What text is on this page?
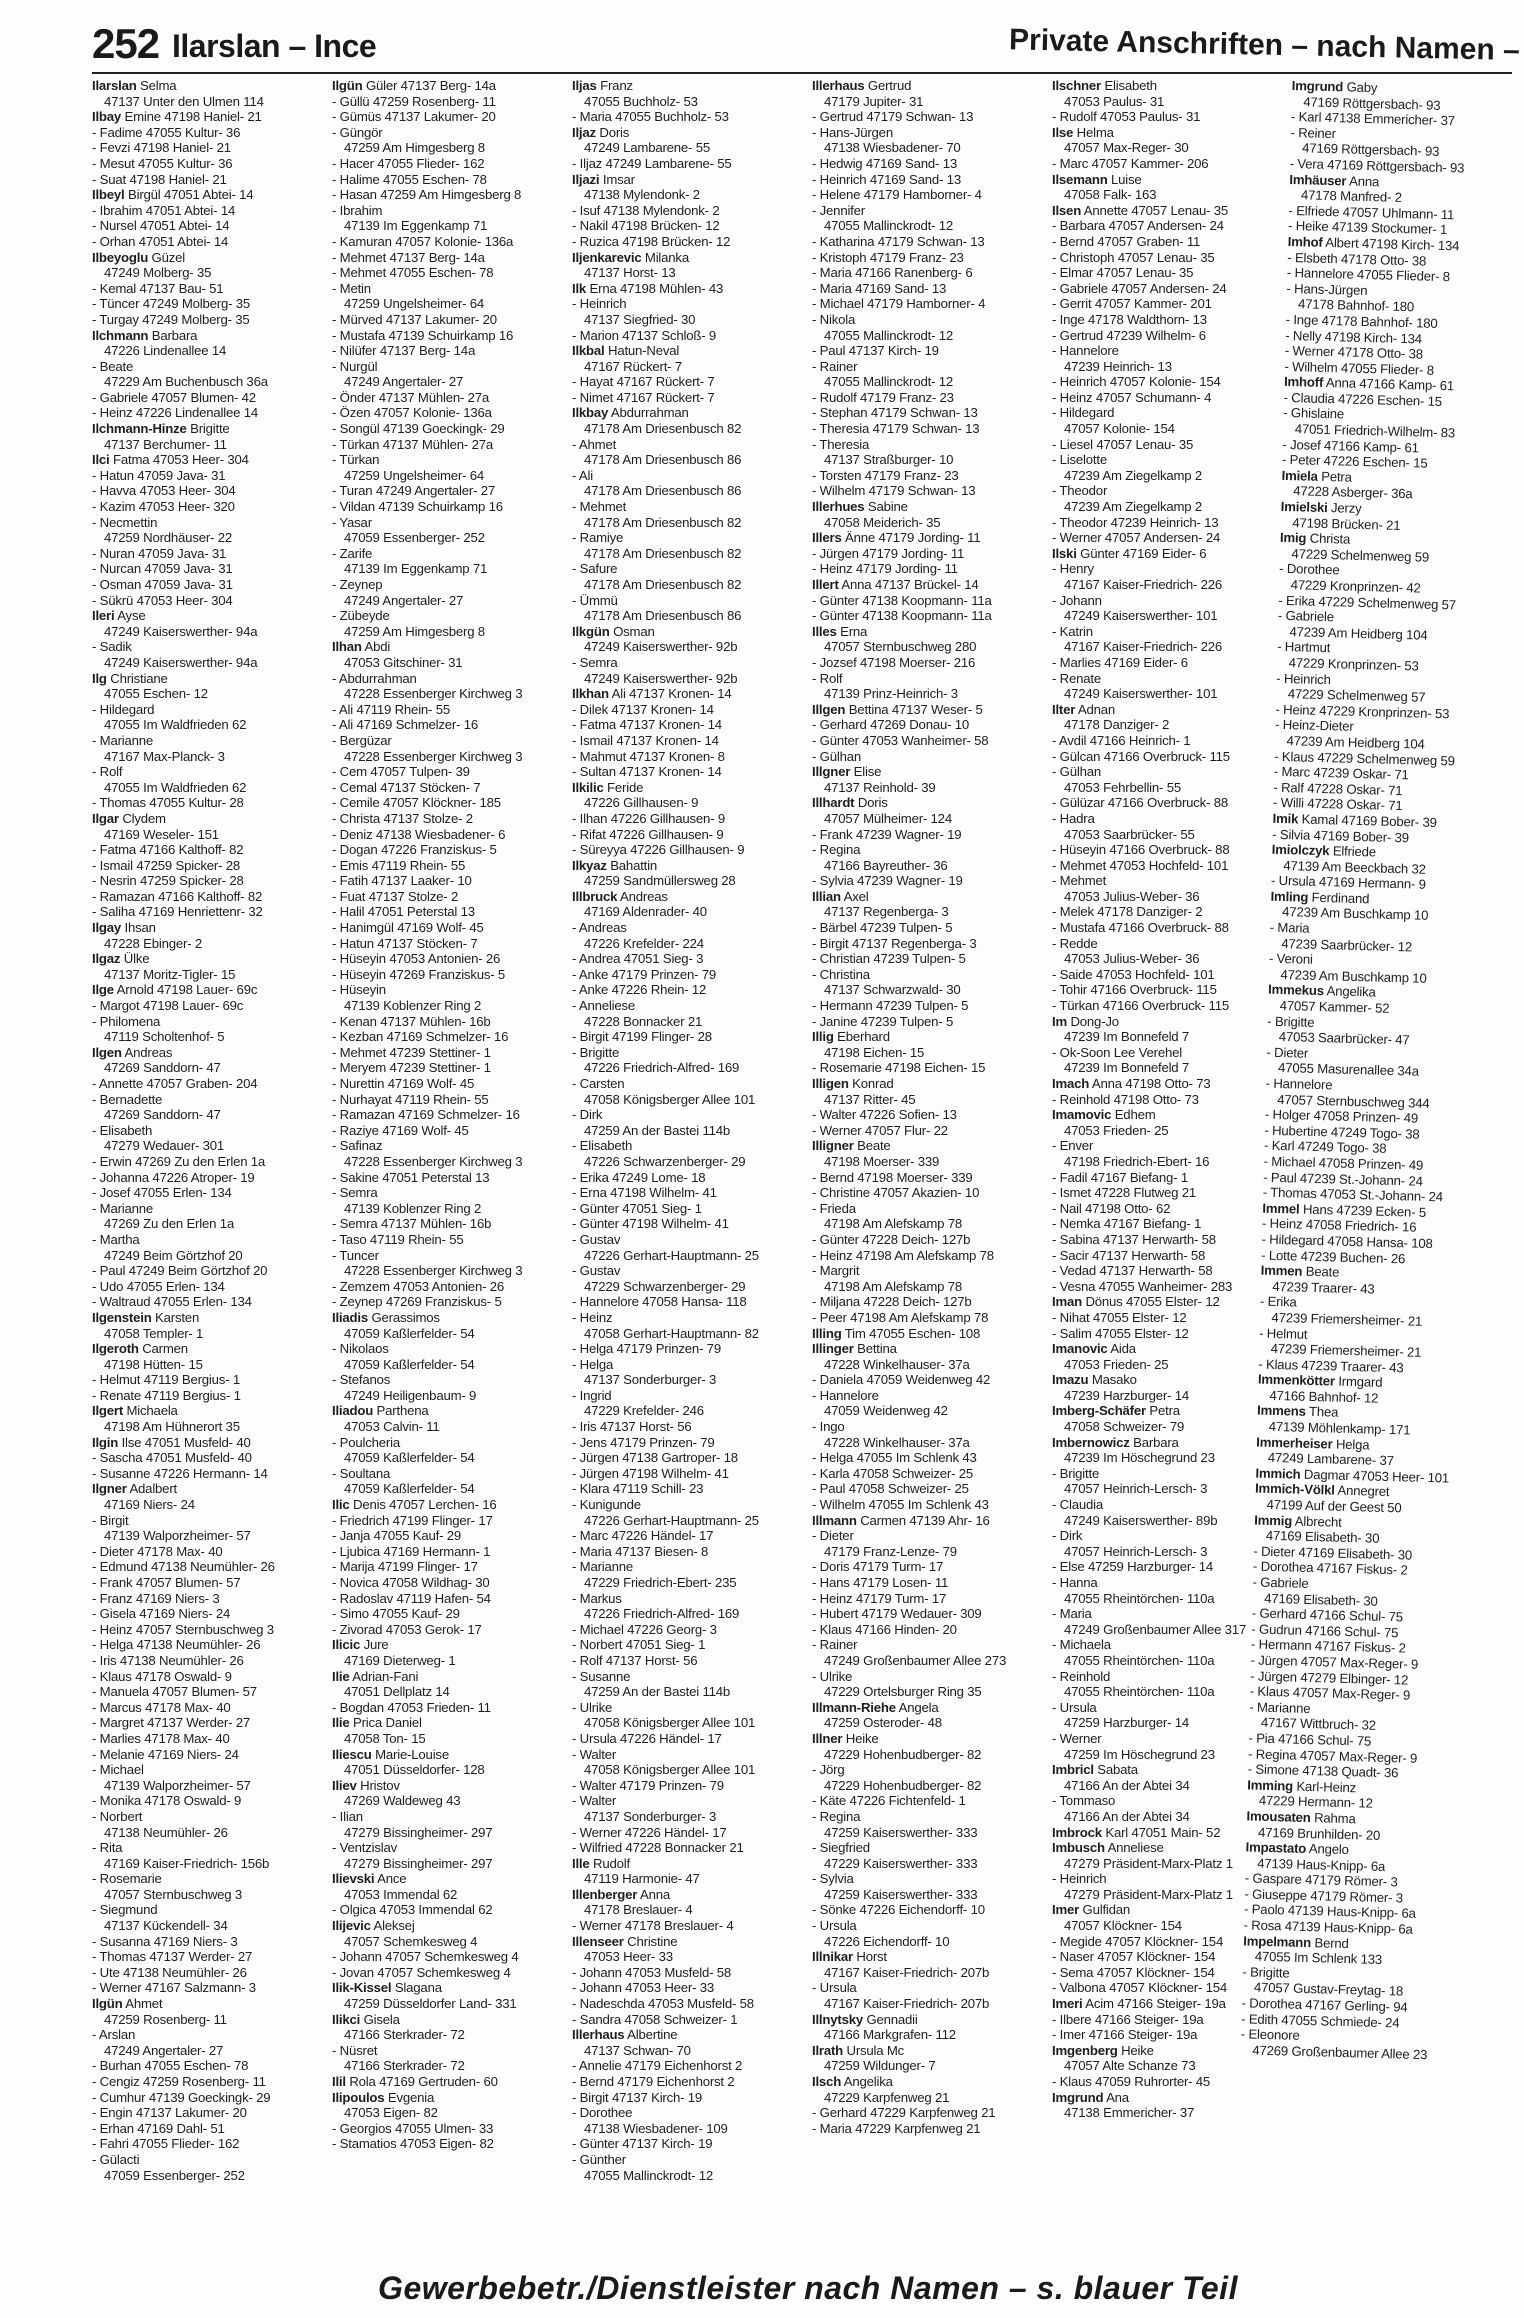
252 Ilarslan – Ince	Private Anschriften – nach Namen –
Ilarslan Selma
47137 Unter den Ulmen 114
Ilbay Emine 47198 Haniel- 21
- Fadime 47055 Kultur- 36
- Fevzi 47198 Haniel- 21
- Mesut 47055 Kultur- 36
- Suat 47198 Haniel- 21
Ilbeyl Birgül 47051 Abtei- 14
- Ibrahim 47051 Abtei- 14
- Nursel 47051 Abtei- 14
- Orhan 47051 Abtei- 14
Ilbeyoglu Güzel
47249 Molberg- 35
- Kemal 47137 Bau- 51
- Tüncer 47249 Molberg- 35
- Turgay 47249 Molberg- 35
Ilchmann Barbara
47226 Lindenallee 14
- Beate
47229 Am Buchenbusch 36a
- Gabriele 47057 Blumen- 42
- Heinz 47226 Lindenallee 14
Ilchmann-Hinze Brigitte
47137 Berchumer- 11
Ilci Fatma 47053 Heer- 304
- Hatun 47059 Java- 31
- Havva 47053 Heer- 304
- Kazim 47053 Heer- 320
- Necmettin
47259 Nordhäuser- 22
- Nuran 47059 Java- 31
- Nurcan 47059 Java- 31
- Osman 47059 Java- 31
- Sükrü 47053 Heer- 304
Ileri Ayse
47249 Kaiserswerther- 94a
- Sadik
47249 Kaiserswerther- 94a
Ilg Christiane
47055 Eschen- 12
- Hildegard
47055 Im Waldfrieden 62
- Marianne
47167 Max-Planck- 3
- Rolf
47055 Im Waldfrieden 62
- Thomas 47055 Kultur- 28
Ilgar Clydem
47169 Weseler- 151
- Fatma 47166 Kalthoff- 82
- Ismail 47259 Spicker- 28
- Nesrin 47259 Spicker- 28
- Ramazan 47166 Kalthoff- 82
- Saliha 47169 Henriettenr- 32
Ilgay Ihsan
47228 Ebinger- 2
Ilgaz Ülke
47137 Moritz-Tigler- 15
Ilge Arnold 47198 Lauer- 69c
- Margot 47198 Lauer- 69c
- Philomena
47119 Scholtenhof- 5
Ilgen Andreas
47269 Sanddorn- 47
- Annette 47057 Graben- 204
- Bernadette
47269 Sanddorn- 47
- Elisabeth
47279 Wedauer- 301
- Erwin 47269 Zu den Erlen 1a
- Johanna 47226 Atroper- 19
- Josef 47055 Erlen- 134
- Marianne
47269 Zu den Erlen 1a
- Martha
47249 Beim Görtzhof 20
- Paul 47249 Beim Görtzhof 20
- Udo 47055 Erlen- 134
- Waltraud 47055 Erlen- 134
Ilgenstein Karsten
47058 Templer- 1
Ilgeroth Carmen
47198 Hütten- 15
- Helmut 47119 Bergius- 1
- Renate 47119 Bergius- 1
Ilgert Michaela
47198 Am Hühnerort 35
Ilgin Ilse 47051 Musfeld- 40
- Sascha 47051 Musfeld- 40
- Susanne 47226 Hermann- 14
Ilgner Adalbert
47169 Niers- 24
- Birgit
47139 Walporzheimer- 57
- Dieter 47178 Max- 40
- Edmund 47138 Neumühler- 26
- Frank 47057 Blumen- 57
- Franz 47169 Niers- 3
- Gisela 47169 Niers- 24
- Heinz 47057 Sternbuschweg 3
- Helga 47138 Neumühler- 26
- Iris 47138 Neumühler- 26
- Klaus 47178 Oswald- 9
- Manuela 47057 Blumen- 57
- Marcus 47178 Max- 40
- Margret 47137 Werder- 27
- Marlies 47178 Max- 40
- Melanie 47169 Niers- 24
- Michael
47139 Walporzheimer- 57
- Monika 47178 Oswald- 9
- Norbert
47138 Neumühler- 26
- Rita
47169 Kaiser-Friedrich- 156b
- Rosemarie
47057 Sternbuschweg 3
- Siegmund
47137 Kückendell- 34
- Susanna 47169 Niers- 3
- Thomas 47137 Werder- 27
- Ute 47138 Neumühler- 26
- Werner 47167 Salzmann- 3
Ilgün Ahmet
47259 Rosenberg- 11
- Arslan
47249 Angertaler- 27
- Burhan 47055 Eschen- 78
- Cengiz 47259 Rosenberg- 11
- Cumhur 47139 Goeckingk- 29
- Engin 47137 Lakumer- 20
- Erhan 47169 Dahl- 51
- Fahri 47055 Flieder- 162
- Gülacti
47059 Essenberger- 252
Ilgün Güler 47137 Berg- 14a
- Güllü 47259 Rosenberg- 11
- Gümüs 47137 Lakumer- 20
- Güngör
47259 Am Himgesberg 8
- Hacer 47055 Flieder- 162
- Halime 47055 Eschen- 78
- Hasan 47259 Am Himgesberg 8
- Ibrahim
47139 Im Eggenkamp 71
- Kamuran 47057 Kolonie- 136a
- Mehmet 47137 Berg- 14a
- Mehmet 47055 Eschen- 78
- Metin
47259 Ungelsheimer- 64
- Mürved 47137 Lakumer- 20
- Mustafa 47139 Schuirkamp 16
- Nilüfer 47137 Berg- 14a
- Nurgül
47249 Angertaler- 27
- Önder 47137 Mühlen- 27a
- Özen 47057 Kolonie- 136a
- Songül 47139 Goeckingk- 29
- Türkan 47137 Mühlen- 27a
- Türkan
47259 Ungelsheimer- 64
- Turan 47249 Angertaler- 27
- Vildan 47139 Schuirkamp 16
- Yasar
47059 Essenberger- 252
- Zarife
47139 Im Eggenkamp 71
- Zeynep
47249 Angertaler- 27
- Zübeyde
47259 Am Himgesberg 8
Ilhan Abdi
47053 Gitschiner- 31
- Abdurrahman
47228 Essenberger Kirchweg 3
- Ali 47119 Rhein- 55
- Ali 47169 Schmelzer- 16
- Bergüzar
47228 Essenberger Kirchweg 3
- Cem 47057 Tulpen- 39
- Cemal 47137 Stöcken- 7
- Cemile 47057 Klöckner- 185
- Christa 47137 Stolze- 2
- Deniz 47138 Wiesbadener- 6
- Dogan 47226 Franziskus- 5
- Emis 47119 Rhein- 55
- Fatih 47137 Laaker- 10
- Fuat 47137 Stolze- 2
- Halil 47051 Peterstal 13
- Hanimgül 47169 Wolf- 45
- Hatun 47137 Stöcken- 7
- Hüseyin 47053 Antonien- 26
- Hüseyin 47269 Franziskus- 5
- Hüseyin
47139 Koblenzer Ring 2
- Kenan 47137 Mühlen- 16b
- Kezban 47169 Schmelzer- 16
- Mehmet 47239 Stettiner- 1
- Meryem 47239 Stettiner- 1
- Nurettin 47169 Wolf- 45
- Nurhayat 47119 Rhein- 55
- Ramazan 47169 Schmelzer- 16
- Raziye 47169 Wolf- 45
- Safinaz
47228 Essenberger Kirchweg 3
- Sakine 47051 Peterstal 13
- Semra
47139 Koblenzer Ring 2
- Semra 47137 Mühlen- 16b
- Taso 47119 Rhein- 55
- Tuncer
47228 Essenberger Kirchweg 3
- Zemzem 47053 Antonien- 26
- Zeynep 47269 Franziskus- 5
Iliadis Gerassimos
47059 Kaßlerfelder- 54
- Nikolaos
47059 Kaßlerfelder- 54
- Stefanos
47249 Heiligenbaum- 9
Iliadou Parthena
47053 Calvin- 11
- Poulcheria
47059 Kaßlerfelder- 54
- Soultana
47059 Kaßlerfelder- 54
Ilic Denis 47057 Lerchen- 16
- Friedrich 47199 Flinger- 17
- Janja 47055 Kauf- 29
- Ljubica 47169 Hermann- 1
- Marija 47199 Flinger- 17
- Novica 47058 Wildhag- 30
- Radoslav 47119 Hafen- 54
- Simo 47055 Kauf- 29
- Zivorad 47053 Gerok- 17
Ilicic Jure
47169 Dieterweg- 1
Ilie Adrian-Fani
47051 Dellplatz 14
- Bogdan 47053 Frieden- 11
Ilie Prica Daniel
47058 Ton- 15
Iliescu Marie-Louise
47051 Düsseldorfer- 128
Iliev Hristov
47269 Waldeweg 43
- Ilian
47279 Bissingheimer- 297
- Ventzislav
47279 Bissingheimer- 297
Ilievski Ance
47053 Immendal 62
- Olgica 47053 Immendal 62
Ilijevic Aleksej
47057 Schemkesweg 4
- Johann 47057 Schemkesweg 4
- Jovan 47057 Schemkesweg 4
Ilik-Kissel Slagana
47259 Düsseldorfer Land- 331
Ilikci Gisela
47166 Sterkrader- 72
- Nüsret
47166 Sterkrader- 72
Ilil Rola 47169 Gertruden- 60
Ilipoulos Evgenia
47053 Eigen- 82
- Georgios 47055 Ulmen- 33
- Stamatios 47053 Eigen- 82
Iljas Franz
47055 Buchholz- 53
- Maria 47055 Buchholz- 53
Iljaz Doris
47249 Lambarene- 55
- Iljaz 47249 Lambarene- 55
Iljazi Imsar
47138 Mylendonk- 2
- Isuf 47138 Mylendonk- 2
- Nakil 47198 Brücken- 12
- Ruzica 47198 Brücken- 12
Iljenkarevic Milanka
47137 Horst- 13
Ilk Erna 47198 Mühlen- 43
- Heinrich
47137 Siegfried- 30
- Marion 47137 Schloß- 9
Ilkbal Hatun-Neval
47167 Rückert- 7
- Hayat 47167 Rückert- 7
- Nimet 47167 Rückert- 7
Ilkbay Abdurrahman
47178 Am Driesenbusch 82
- Ahmet
47178 Am Driesenbusch 86
- Ali
47178 Am Driesenbusch 86
- Mehmet
47178 Am Driesenbusch 82
- Ramiye
47178 Am Driesenbusch 82
- Safure
47178 Am Driesenbusch 82
- Ümmü
47178 Am Driesenbusch 86
Ilkgün Osman
47249 Kaiserswerther- 92b
- Semra
47249 Kaiserswerther- 92b
Ilkhan Ali 47137 Kronen- 14
- Dilek 47137 Kronen- 14
- Fatma 47137 Kronen- 14
- Ismail 47137 Kronen- 14
- Mahmut 47137 Kronen- 8
- Sultan 47137 Kronen- 14
Ilkilic Feride
47226 Gillhausen- 9
- Ilhan 47226 Gillhausen- 9
- Rifat 47226 Gillhausen- 9
- Süreyya 47226 Gillhausen- 9
Ilkyaz Bahattin
47259 Sandmüllersweg 28
Illbruck Andreas
47169 Aldenrader- 40
- Andreas
47226 Krefelder- 224
- Andrea 47051 Sieg- 3
- Anke 47179 Prinzen- 79
- Anke 47226 Rhein- 12
- Anneliese
47228 Bonnacker 21
- Birgit 47199 Flinger- 28
- Brigitte
47226 Friedrich-Alfred- 169
- Carsten
47058 Königsberger Allee 101
- Dirk
47259 An der Bastei 114b
- Elisabeth
47226 Schwarzenberger- 29
- Erika 47249 Lome- 18
- Erna 47198 Wilhelm- 41
- Günter 47051 Sieg- 1
- Günter 47198 Wilhelm- 41
- Gustav
47226 Gerhart-Hauptmann- 25
- Gustav
47229 Schwarzenberger- 29
- Hannelore 47058 Hansa- 118
- Heinz
47058 Gerhart-Hauptmann- 82
- Helga 47179 Prinzen- 79
- Helga
47137 Sonderburger- 3
- Ingrid
47229 Krefelder- 246
- Iris 47137 Horst- 56
- Jens 47179 Prinzen- 79
- Jürgen 47138 Gartroper- 18
- Jürgen 47198 Wilhelm- 41
- Klara 47119 Schill- 23
- Kunigunde
47226 Gerhart-Hauptmann- 25
- Marc 47226 Händel- 17
- Maria 47137 Biesen- 8
- Marianne
47229 Friedrich-Ebert- 235
- Markus
47226 Friedrich-Alfred- 169
- Michael 47226 Georg- 3
- Norbert 47051 Sieg- 1
- Rolf 47137 Horst- 56
- Susanne
47259 An der Bastei 114b
- Ulrike
47058 Königsberger Allee 101
- Ursula 47226 Händel- 17
- Walter
47058 Königsberger Allee 101
- Walter 47179 Prinzen- 79
- Walter
47137 Sonderburger- 3
- Werner 47226 Händel- 17
- Wilfried 47228 Bonnacker 21
Ille Rudolf
47119 Harmonie- 47
Illenberger Anna
47178 Breslauer- 4
- Werner 47178 Breslauer- 4
Illenseer Christine
47053 Heer- 33
- Johann 47053 Musfeld- 58
- Johann 47053 Heer- 33
- Nadeschda 47053 Musfeld- 58
- Sandra 47058 Schweizer- 1
Illerhaus Albertine
47137 Schwan- 70
- Annelie 47179 Eichenhorst 2
- Bernd 47179 Eichenhorst 2
- Birgit 47137 Kirch- 19
- Dorothee
47138 Wiesbadener- 109
- Günter 47137 Kirch- 19
- Günther
47055 Mallinckrodt- 12
Illerhaus Gertrud
47179 Jupiter- 31
- Gertrud 47179 Schwan- 13
- Hans-Jürgen
47138 Wiesbadener- 70
- Hedwig 47169 Sand- 13
- Heinrich 47169 Sand- 13
- Helene 47179 Hamborner- 4
- Jennifer
47055 Mallinckrodt- 12
- Katharina 47179 Schwan- 13
- Kristoph 47179 Franz- 23
- Maria 47166 Ranenberg- 6
- Maria 47169 Sand- 13
- Michael 47179 Hamborner- 4
- Nikola
47055 Mallinckrodt- 12
- Paul 47137 Kirch- 19
- Rainer
47055 Mallinckrodt- 12
- Rudolf 47179 Franz- 23
- Stephan 47179 Schwan- 13
- Theresia 47179 Schwan- 13
- Theresia
47137 Straßburger- 10
- Torsten 47179 Franz- 23
- Wilhelm 47179 Schwan- 13
Illerhues Sabine
47058 Meiderich- 35
Illers Änne 47179 Jording- 11
- Jürgen 47179 Jording- 11
- Heinz 47179 Jording- 11
Illert Anna 47137 Brückel- 14
- Günter 47138 Koopmann- 11a
- Günter 47138 Koopmann- 11a
Illes Erna
47057 Sternbuschweg 280
- Jozsef 47198 Moerser- 216
- Rolf
47139 Prinz-Heinrich- 3
Illgen Bettina 47137 Weser- 5
- Gerhard 47269 Donau- 10
- Günter 47053 Wanheimer- 58
- Gülhan
Illgner Elise
47137 Reinhold- 39
Illhardt Doris
47057 Mülheimer- 124
- Frank 47239 Wagner- 19
- Regina
47166 Bayreuther- 36
- Sylvia 47239 Wagner- 19
Illian Axel
47137 Regenberga- 3
- Bärbel 47239 Tulpen- 5
- Birgit 47137 Regenberga- 3
- Christian 47239 Tulpen- 5
- Christina
47137 Schwarzwald- 30
- Hermann 47239 Tulpen- 5
- Janine 47239 Tulpen- 5
Illig Eberhard
47198 Eichen- 15
- Rosemarie 47198 Eichen- 15
Illigen Konrad
47137 Ritter- 45
- Walter 47226 Sofien- 13
- Werner 47057 Flur- 22
Illigner Beate
47198 Moerser- 339
- Bernd 47198 Moerser- 339
- Christine 47057 Akazien- 10
- Frieda
47198 Am Alefskamp 78
- Günter 47228 Deich- 127b
- Heinz 47198 Am Alefskamp 78
- Margrit
47198 Am Alefskamp 78
- Miljana 47228 Deich- 127b
- Peer 47198 Am Alefskamp 78
Illing Tim 47055 Eschen- 108
Illinger Bettina
47228 Winkelhauser- 37a
- Daniela 47059 Weidenweg 42
- Hannelore
47059 Weidenweg 42
- Ingo
47228 Winkelhauser- 37a
- Helga 47055 Im Schlenk 43
- Karla 47058 Schweizer- 25
- Paul 47058 Schweizer- 25
- Wilhelm 47055 Im Schlenk 43
Illmann Carmen 47139 Ahr- 16
- Dieter
47179 Franz-Lenze- 79
- Doris 47179 Turm- 17
- Hans 47179 Losen- 11
- Heinz 47179 Turm- 17
- Hubert 47179 Wedauer- 309
- Klaus 47166 Hinden- 20
- Rainer
47249 Großenbaumer Allee 273
- Ulrike
47229 Ortelsburger Ring 35
Illmann-Riehe Angela
47259 Osteroder- 48
Illner Heike
47229 Hohenbudberger- 82
- Jörg
47229 Hohenbudberger- 82
- Käte 47226 Fichtenfeld- 1
- Regina
47259 Kaiserswerther- 333
- Siegfried
47229 Kaiserswerther- 333
- Sylvia
47259 Kaiserswerther- 333
- Sönke 47226 Eichendorff- 10
- Ursula
47226 Eichendorff- 10
Illnikar Horst
47167 Kaiser-Friedrich- 207b
- Ursula
47167 Kaiser-Friedrich- 207b
Illnytsky Gennadii
47166 Markgrafen- 112
Ilrath Ursula Mc
47259 Wildunger- 7
Ilsch Angelika
47229 Karpfenweg 21
- Gerhard 47229 Karpfenweg 21
- Maria 47229 Karpfenweg 21
Ilschner Elisabeth
47053 Paulus- 31
- Rudolf 47053 Paulus- 31
Ilse Helma
47057 Max-Reger- 30
- Marc 47057 Kammer- 206
Ilsemann Luise
47058 Falk- 163
Ilsen Annette 47057 Lenau- 35
- Barbara 47057 Andersen- 24
- Bernd 47057 Graben- 11
- Christoph 47057 Lenau- 35
- Elmar 47057 Lenau- 35
- Gabriele 47057 Andersen- 24
- Gerrit 47057 Kammer- 201
- Inge 47178 Waldthorn- 13
- Gertrud 47239 Wilhelm- 6
- Hannelore
47239 Heinrich- 13
- Heinrich 47057 Kolonie- 154
- Heinz 47057 Schumann- 4
- Hildegard
47057 Kolonie- 154
- Liesel 47057 Lenau- 35
- Liselotte
47239 Am Ziegelkamp 2
- Theodor
47239 Am Ziegelkamp 2
- Theodor 47239 Heinrich- 13
- Werner 47057 Andersen- 24
Ilski Günter 47169 Eider- 6
- Henry
47167 Kaiser-Friedrich- 226
- Johann
47249 Kaiserswerther- 101
- Katrin
47167 Kaiser-Friedrich- 226
- Marlies 47169 Eider- 6
- Renate
47249 Kaiserswerther- 101
Ilter Adnan
47178 Danziger- 2
- Avdil 47166 Heinrich- 1
- Gülcan 47166 Overbruck- 115
- Gülhan
47053 Fehrbellin- 55
- Gülüzar 47166 Overbruck- 88
- Hadra
47053 Saarbrücker- 55
- Hüseyin 47166 Overbruck- 88
- Mehmet 47053 Hochfeld- 101
- Mehmet
47053 Julius-Weber- 36
- Melek 47178 Danziger- 2
- Mustafa 47166 Overbruck- 88
- Redde
47053 Julius-Weber- 36
- Saide 47053 Hochfeld- 101
- Tohir 47166 Overbruck- 115
- Türkan 47166 Overbruck- 115
Im Dong-Jo
47239 Im Bonnefeld 7
- Ok-Soon Lee Verehel
47239 Im Bonnefeld 7
Imach Anna 47198 Otto- 73
- Reinhold 47198 Otto- 73
Imamovic Edhem
47053 Frieden- 25
- Enver
47198 Friedrich-Ebert- 16
- Fadil 47167 Biefang- 1
- Ismet 47228 Flutweg 21
- Nail 47198 Otto- 62
- Nemka 47167 Biefang- 1
- Sabina 47137 Herwarth- 58
- Sacir 47137 Herwarth- 58
- Vedad 47137 Herwarth- 58
- Vesna 47055 Wanheimer- 283
Iman Dönus 47055 Elster- 12
- Nihat 47055 Elster- 12
- Salim 47055 Elster- 12
Imanovic Aida
47053 Frieden- 25
Imazu Masako
47239 Harzburger- 14
Imberg-Schäfer Petra
47058 Schweizer- 79
Imbernowicz Barbara
47239 Im Höschegrund 23
- Brigitte
47057 Heinrich-Lersch- 3
- Claudia
47249 Kaiserswerther- 89b
- Dirk
47057 Heinrich-Lersch- 3
- Else 47259 Harzburger- 14
- Hanna
47055 Rheintörchen- 110a
- Maria
47249 Großenbaumer Allee 317
- Michaela
47055 Rheintörchen- 110a
- Reinhold
47055 Rheintörchen- 110a
- Ursula
47259 Harzburger- 14
- Werner
47259 Im Höschegrund 23
Imbricl Sabata
47166 An der Abtei 34
- Tommaso
47166 An der Abtei 34
Imbrock Karl 47051 Main- 52
Imbusch Anneliese
47279 Präsident-Marx-Platz 1
- Heinrich
47279 Präsident-Marx-Platz 1
Imer Gulfidan
47057 Klöckner- 154
- Megide 47057 Klöckner- 154
- Naser 47057 Klöckner- 154
- Sema 47057 Klöckner- 154
- Valbona 47057 Klöckner- 154
Imeri Acim 47166 Steiger- 19a
- Ilbere 47166 Steiger- 19a
- Imer 47166 Steiger- 19a
Imgenberg Heike
47057 Alte Schanze 73
- Klaus 47059 Ruhrorter- 45
Imgrund Ana
47138 Emmericher- 37
Imgrund Gaby
47169 Röttgersbach- 93
- Karl 47138 Emmericher- 37
- Reiner
47169 Röttgersbach- 93
- Vera 47169 Röttgersbach- 93
Imhäuser Anna
47178 Manfred- 2
- Elfriede 47057 Uhlmann- 11
- Heike 47139 Stockumer- 1
Imhof Albert 47198 Kirch- 134
- Elsbeth 47178 Otto- 38
- Hannelore 47055 Flieder- 8
- Hans-Jürgen
47178 Bahnhof- 180
- Inge 47178 Bahnhof- 180
- Nelly 47198 Kirch- 134
- Werner 47178 Otto- 38
- Wilhelm 47055 Flieder- 8
Imhoff Anna 47166 Kamp- 61
- Claudia 47226 Eschen- 15
- Ghislaine
47051 Friedrich-Wilhelm- 83
- Josef 47166 Kamp- 61
- Peter 47226 Eschen- 15
Imiela Petra
47228 Asberger- 36a
Imielski Jerzy
47198 Brücken- 21
Imig Christa
47229 Schelmenweg 59
- Dorothee
47229 Kronprinzen- 42
- Erika 47229 Schelmenweg 57
- Gabriele
47239 Am Heidberg 104
- Hartmut
47229 Kronprinzen- 53
- Heinrich
47229 Schelmenweg 57
- Heinz 47229 Kronprinzen- 53
- Heinz-Dieter
47239 Am Heidberg 104
- Klaus 47229 Schelmenweg 59
- Marc 47239 Oskar- 71
- Ralf 47228 Oskar- 71
- Willi 47228 Oskar- 71
Imik Kamal 47169 Bober- 39
- Silvia 47169 Bober- 39
Imiolczyk Elfriede
47139 Am Beeckbach 32
- Ursula 47169 Hermann- 9
Imling Ferdinand
47239 Am Buschkamp 10
- Maria
47239 Saarbrücker- 12
- Veroni
47239 Am Buschkamp 10
Immekus Angelika
47057 Kammer- 52
- Brigitte
47053 Saarbrücker- 47
- Dieter
47055 Masurenallee 34a
- Hannelore
47057 Sternbuschweg 344
- Holger 47058 Prinzen- 49
- Hubertine 47249 Togo- 38
- Karl 47249 Togo- 38
- Michael 47058 Prinzen- 49
- Paul 47239 St.-Johann- 24
- Thomas 47053 St.-Johann- 24
Immel Hans 47239 Ecken- 5
- Heinz 47058 Friedrich- 16
- Hildegard 47058 Hansa- 108
- Lotte 47239 Buchen- 26
Immen Beate
47239 Traarer- 43
- Erika
47239 Friemersheimer- 21
- Helmut
47239 Friemersheimer- 21
- Klaus 47239 Traarer- 43
Immenkötter Irmgard
47166 Bahnhof- 12
Immens Thea
47139 Möhlenkamp- 171
Immerheiser Helga
47249 Lambarene- 37
Immich Dagmar 47053 Heer- 101
Immich-Völkl Annegret
47199 Auf der Geest 50
Immig Albrecht
47169 Elisabeth- 30
- Dieter 47169 Elisabeth- 30
- Dorothea 47167 Fiskus- 2
- Gabriele
47169 Elisabeth- 30
- Gerhard 47166 Schul- 75
- Gudrun 47166 Schul- 75
- Hermann 47167 Fiskus- 2
- Jürgen 47057 Max-Reger- 9
- Jürgen 47279 Elbinger- 12
- Klaus 47057 Max-Reger- 9
- Marianne
47167 Wittbruch- 32
- Pia 47166 Schul- 75
- Regina 47057 Max-Reger- 9
- Simone 47138 Quadt- 36
Imming Karl-Heinz
47229 Hermann- 12
Imousaten Rahma
47169 Brunhilden- 20
Impastato Angelo
47139 Haus-Knipp- 6a
- Gaspare 47179 Römer- 3
- Giuseppe 47179 Römer- 3
- Paolo 47139 Haus-Knipp- 6a
- Rosa 47139 Haus-Knipp- 6a
Impelmann Bernd
47055 Im Schlenk 133
- Brigitte
47057 Gustav-Freytag- 18
- Dorothea 47167 Gerling- 94
- Edith 47055 Schmiede- 24
- Eleonore
47269 Großenbaumer Allee 23
Gewerbebetr./Dienstleister nach Namen – s. blauer Teil
